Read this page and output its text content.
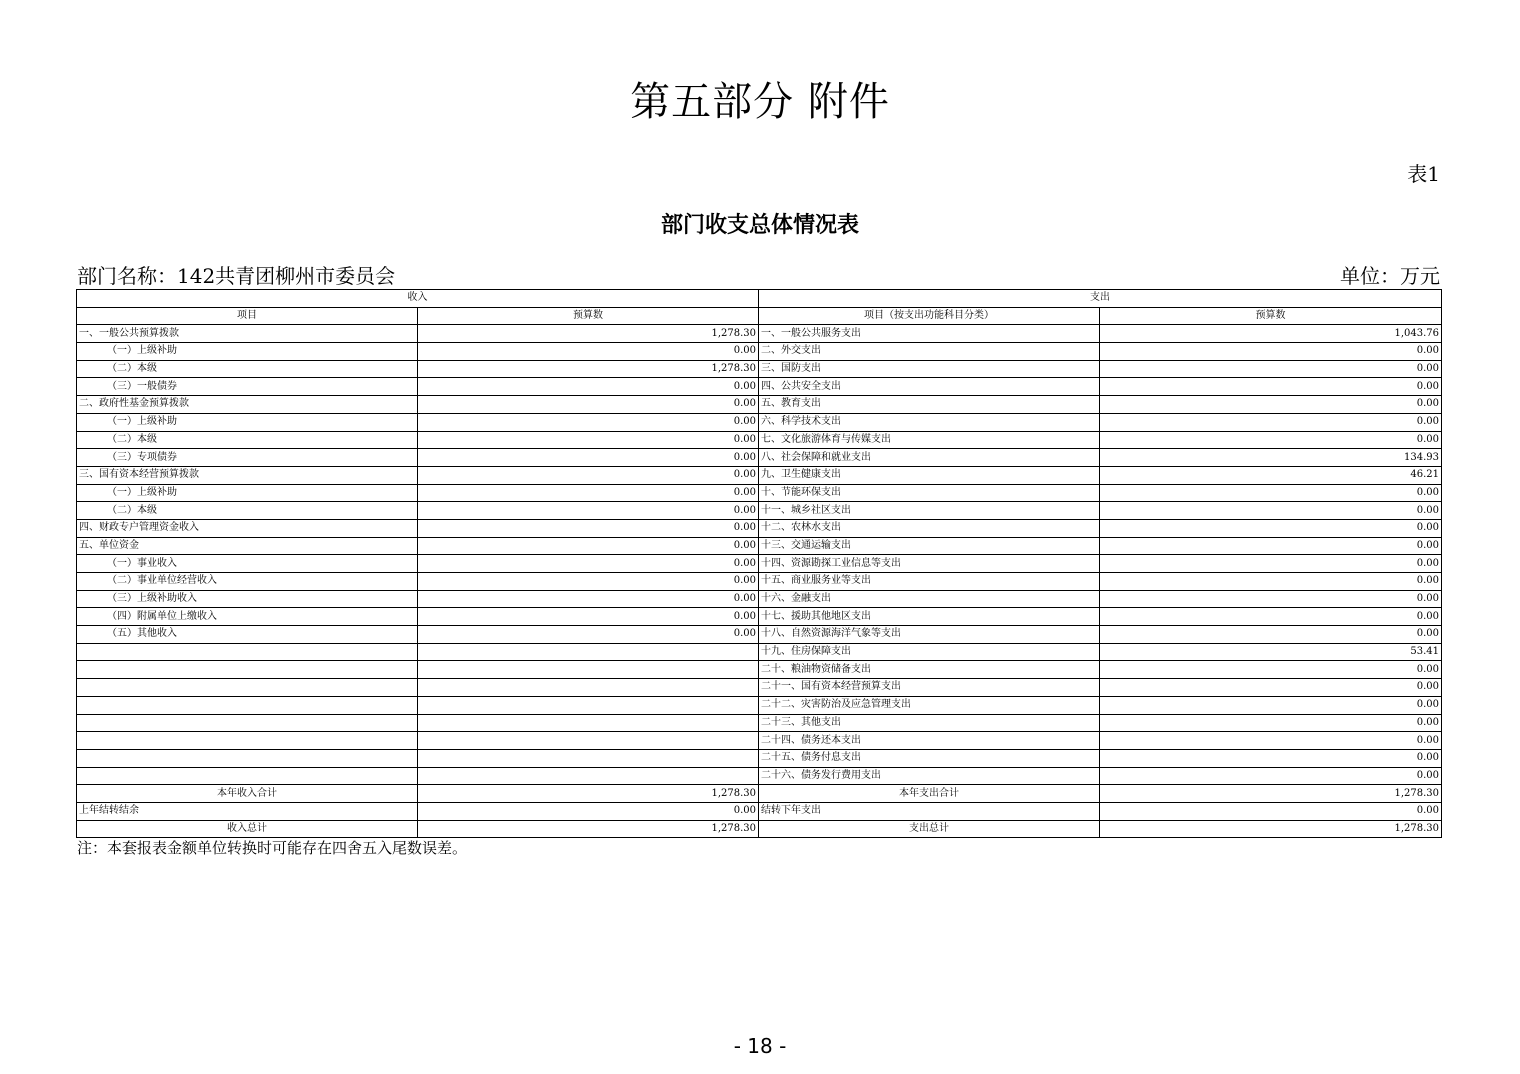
第五部分 附件
表1
部门收支总体情况表
部门名称：142共青团柳州市委员会	单位：万元
收入		支出	
项目	预算数	项目（按支出功能科目分类）	预算数
一、一般公共预算拨款	1,278.30	一、一般公共服务支出	1,043.76
（一）上级补助	0.00	二、外交支出	0.00
（二）本级	1,278.30	三、国防支出	0.00
（三）一般债券	0.00	四、公共安全支出	0.00
二、政府性基金预算拨款	0.00	五、教育支出	0.00
（一）上级补助	0.00	六、科学技术支出	0.00
（二）本级	0.00	七、文化旅游体育与传媒支出	0.00
（三）专项债券	0.00	八、社会保障和就业支出	134.93
三、国有资本经营预算拨款	0.00	九、卫生健康支出	46.21
（一）上级补助	0.00	十、节能环保支出	0.00
（二）本级	0.00	十一、城乡社区支出	0.00
四、财政专户管理资金收入	0.00	十二、农林水支出	0.00
五、单位资金	0.00	十三、交通运输支出	0.00
（一）事业收入	0.00	十四、资源勘探工业信息等支出	0.00
（二）事业单位经营收入	0.00	十五、商业服务业等支出	0.00
（三）上级补助收入	0.00	十六、金融支出	0.00
（四）附属单位上缴收入	0.00	十七、援助其他地区支出	0.00
（五）其他收入	0.00	十八、自然资源海洋气象等支出	0.00
		十九、住房保障支出	53.41
		二十、粮油物资储备支出	0.00
		二十一、国有资本经营预算支出	0.00
		二十二、灾害防治及应急管理支出	0.00
		二十三、其他支出	0.00
		二十四、债务还本支出	0.00
		二十五、债务付息支出	0.00
		二十六、债务发行费用支出	0.00
本年收入合计	1,278.30	本年支出合计	1,278.30
上年结转结余	0.00	结转下年支出	0.00
收入总计	1,278.30	支出总计	1,278.30
注：本套报表金额单位转换时可能存在四舍五入尾数误差。
- 18 -
